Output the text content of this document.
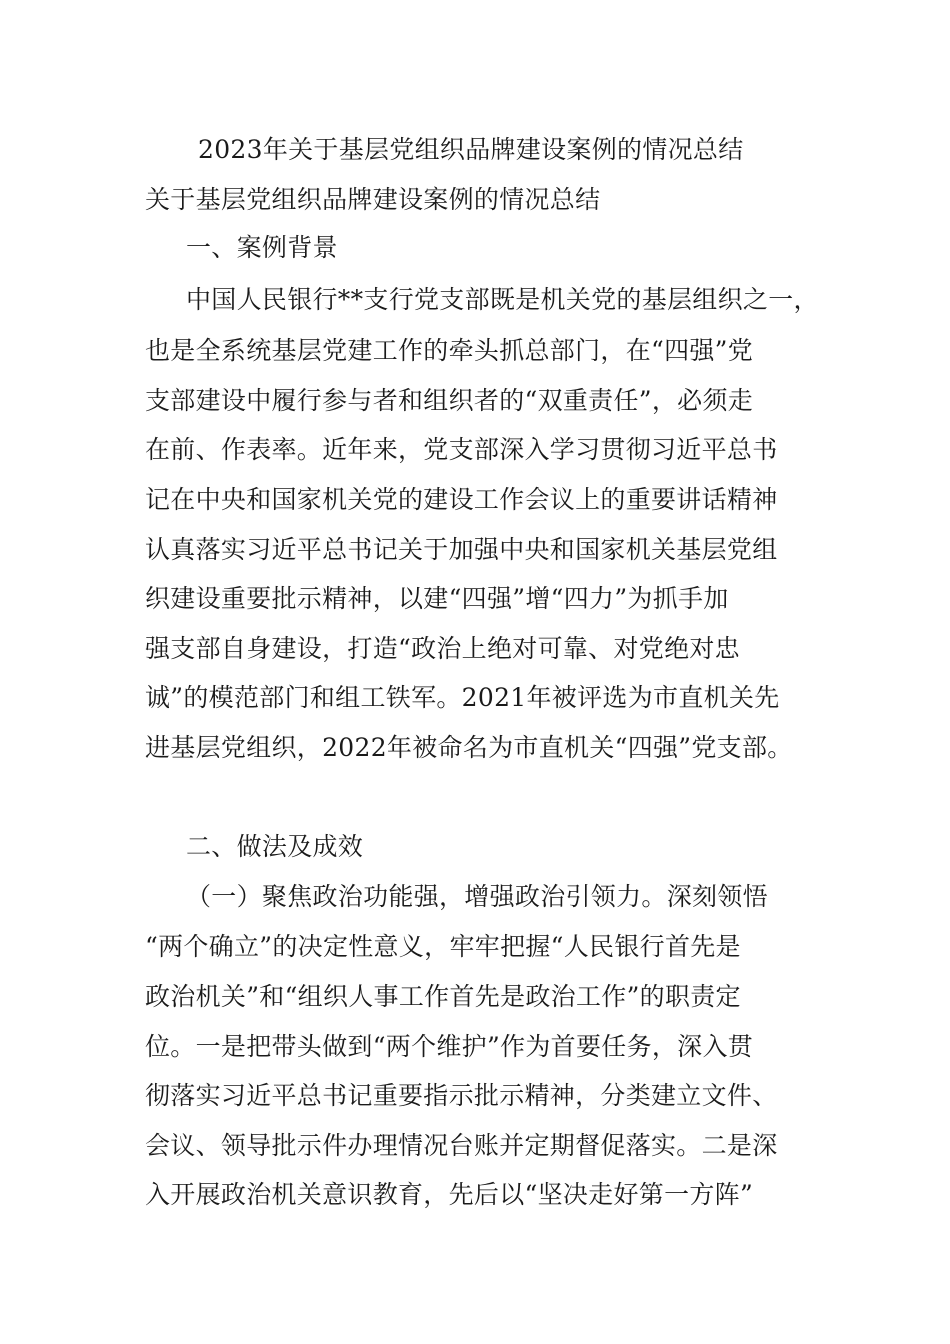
2023年关于基层党组织品牌建设案例的情况总结
关于基层党组织品牌建设案例的情况总结
一、案例背景
中国人民银行**支行党支部既是机关党的基层组织之一，
也是全系统基层党建工作的牵头抓总部门，在“四强”党
支部建设中履行参与者和组织者的“双重责任”，必须走
在前、作表率。近年来，党支部深入学习贯彻习近平总书
记在中央和国家机关党的建设工作会议上的重要讲话精神
认真落实习近平总书记关于加强中央和国家机关基层党组
织建设重要批示精神，以建“四强”增“四力”为抓手加
强支部自身建设，打造“政治上绝对可靠、对党绝对忠
诚”的模范部门和组工铁军。2021年被评选为市直机关先
进基层党组织，2022年被命名为市直机关“四强”党支部。
二、做法及成效
（一）聚焦政治功能强，增强政治引领力。深刻领悟
“两个确立”的决定性意义，牢牢把握“人民银行首先是
政治机关”和“组织人事工作首先是政治工作”的职责定
位。一是把带头做到“两个维护”作为首要任务，深入贯
彻落实习近平总书记重要指示批示精神，分类建立文件、
会议、领导批示件办理情况台账并定期督促落实。二是深
入开展政治机关意识教育，先后以“坚决走好第一方阵”
